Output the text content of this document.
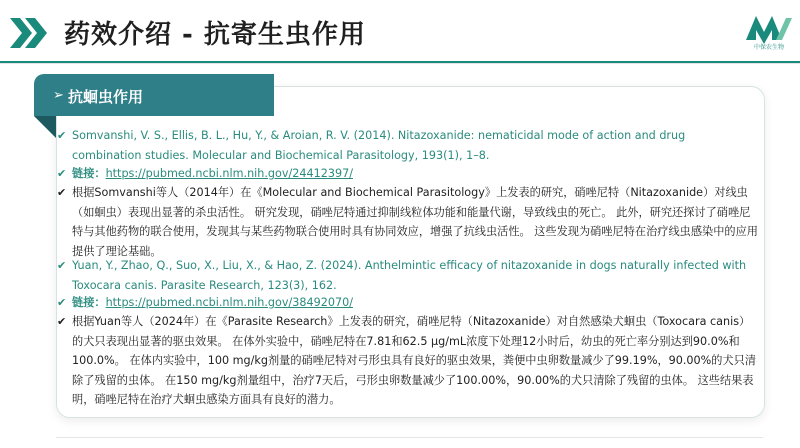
药效介绍 - 抗寄生虫作用	中保农生物
➢ 抗蛔虫作用
✔ Somvanshi, V. S., Ellis, B. L., Hu, Y., & Aroian, R. V. (2014). Nitazoxanide: nematicidal mode of action and drug combination studies. Molecular and Biochemical Parasitology, 193(1), 1–8.
✔ 链接：https://pubmed.ncbi.nlm.nih.gov/24412397/
✔ 根据Somvanshi等人（2014年）在《Molecular and Biochemical Parasitology》上发表的研究，硝唑尼特（Nitazoxanide）对线虫（如蛔虫）表现出显著的杀虫活性。 研究发现，硝唑尼特通过抑制线粒体功能和能量代谢，导致线虫的死亡。 此外，研究还探讨了硝唑尼特与其他药物的联合使用，发现其与某些药物联合使用时具有协同效应，增强了抗线虫活性。 这些发现为硝唑尼特在治疗线虫感染中的应用提供了理论基础。
✔ Yuan, Y., Zhao, Q., Suo, X., Liu, X., & Hao, Z. (2024). Anthelmintic efficacy of nitazoxanide in dogs naturally infected with Toxocara canis. Parasite Research, 123(3), 162.
✔ 链接：https://pubmed.ncbi.nlm.nih.gov/38492070/
✔ 根据Yuan等人（2024年）在《Parasite Research》上发表的研究，硝唑尼特（Nitazoxanide）对自然感染犬蛔虫（Toxocara canis）的犬只表现出显著的驱虫效果。 在体外实验中，硝唑尼特在7.81和62.5 μg/mL浓度下处理12小时后，幼虫的死亡率分别达到90.0%和100.0%。 在体内实验中，100 mg/kg剂量的硝唑尼特对弓形虫具有良好的驱虫效果，粪便中虫卵数量减少了99.19%，90.00%的犬只清除了残留的虫体。 在150 mg/kg剂量组中，治疗7天后，弓形虫卵数量减少了100.00%，90.00%的犬只清除了残留的虫体。 这些结果表明，硝唑尼特在治疗犬蛔虫感染方面具有良好的潜力。
